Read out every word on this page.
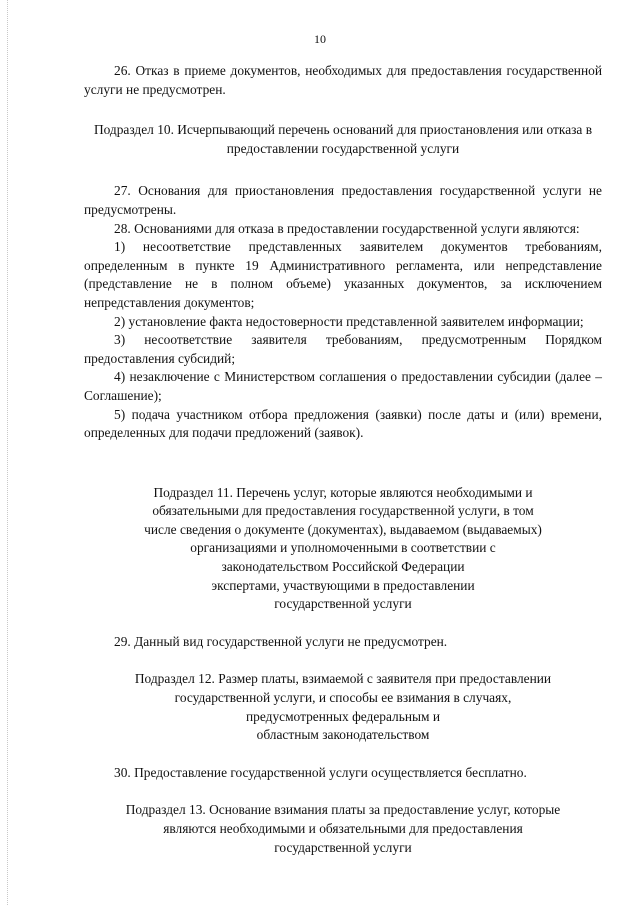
10

26. Отказ в приеме документов, необходимых для предоставления государственной услуги не предусмотрен.

Подраздел 10. Исчерпывающий перечень оснований для приостановления или отказа в предоставлении государственной услуги

27. Основания для приостановления предоставления государственной услуги не предусмотрены.

28. Основаниями для отказа в предоставлении государственной услуги являются:

1) несоответствие представленных заявителем документов требованиям, определенным в пункте 19 Административного регламента, или непредставление (представление не в полном объеме) указанных документов, за исключением непредставления документов;

2) установление факта недостоверности представленной заявителем информации;

3) несоответствие заявителя требованиям, предусмотренным Порядком предоставления субсидий;

4) незаключение с Министерством соглашения о предоставлении субсидии (далее – Соглашение);

5) подача участником отбора предложения (заявки) после даты и (или) времени, определенных для подачи предложений (заявок).

Подраздел 11. Перечень услуг, которые являются необходимыми и
обязательными для предоставления государственной услуги, в том
числе сведения о документе (документах), выдаваемом (выдаваемых)
организациями и уполномоченными в соответствии с
законодательством Российской Федерации
экспертами, участвующими в предоставлении
государственной услуги

29. Данный вид государственной услуги не предусмотрен.

Подраздел 12. Размер платы, взимаемой с заявителя при предоставлении
государственной услуги, и способы ее взимания в случаях,
предусмотренных федеральным и
областным законодательством

30. Предоставление государственной услуги осуществляется бесплатно.

Подраздел 13. Основание взимания платы за предоставление услуг, которые
являются необходимыми и обязательными для предоставления
государственной услуги
